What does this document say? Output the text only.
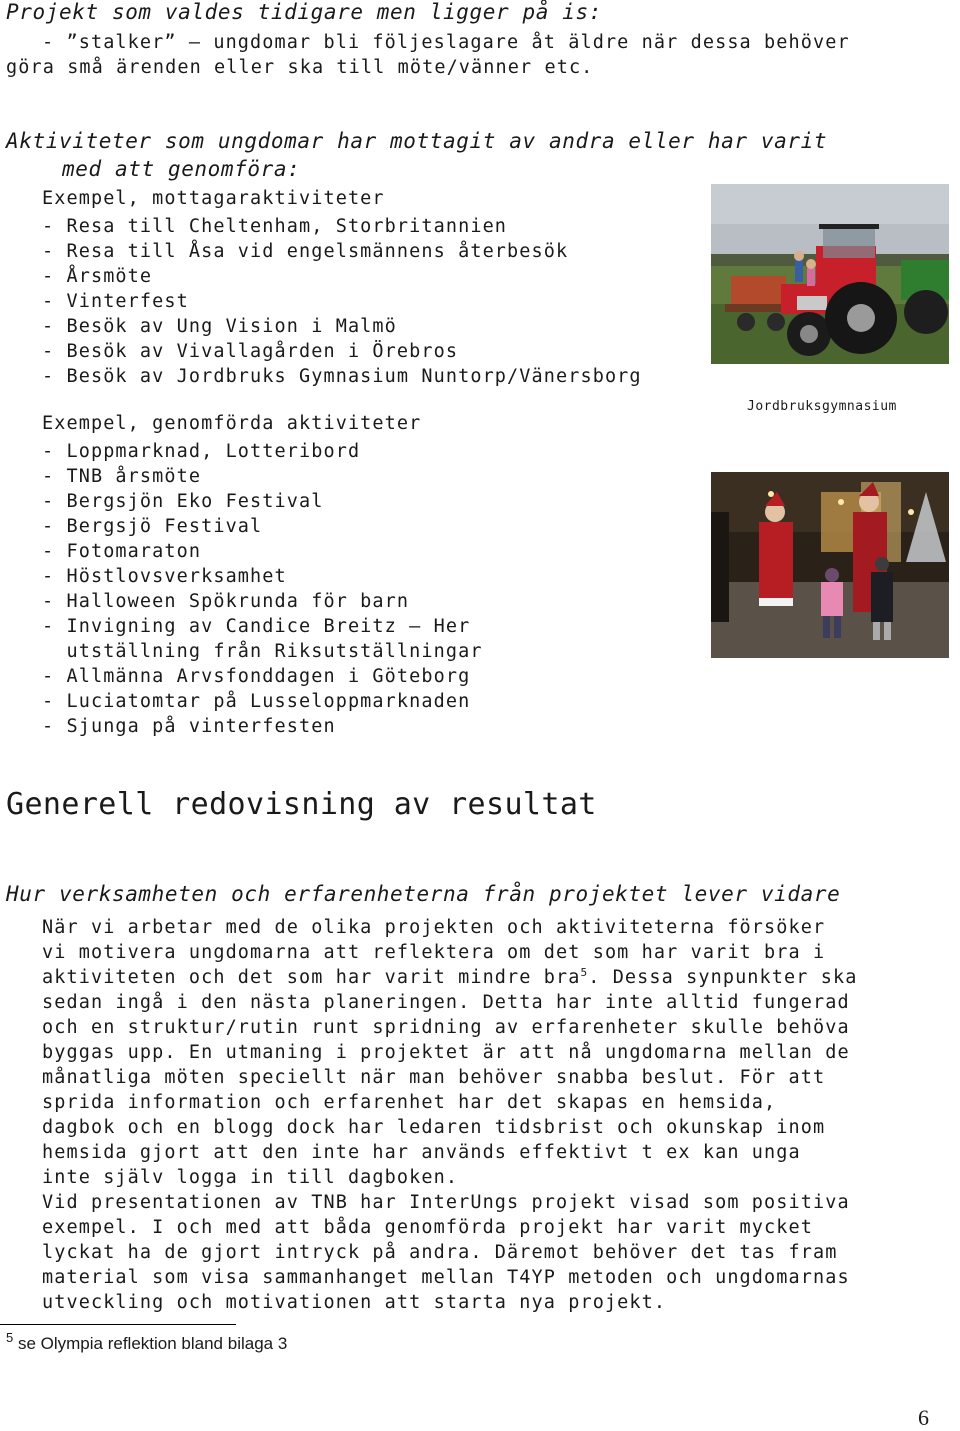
Projekt som valdes tidigare men ligger på is:
- ”stalker” – ungdomar bli följeslagare åt äldre när dessa behöver
göra små ärenden eller ska till möte/vänner etc.
Aktiviteter som ungdomar har mottagit av andra eller har varit
med att genomföra:
Exempel, mottagaraktiviteter
- Resa till Cheltenham, Storbritannien
- Resa till Åsa vid engelsmännens återbesök
- Årsmöte
- Vinterfest
- Besök av Ung Vision i Malmö
- Besök av Vivallagården i Örebros
- Besök av Jordbruks Gymnasium Nuntorp/Vänersborg
Exempel, genomförda aktiviteter
- Loppmarknad, Lotteribord
- TNB årsmöte
- Bergsjön Eko Festival
- Bergsjö Festival
- Fotomaraton
- Höstlovsverksamhet
- Halloween Spökrunda för barn
- Invigning av Candice Breitz – Her
utställning från Riksutställningar
- Allmänna Arvsfonddagen i Göteborg
- Luciatomtar på Lusseloppmarknaden
- Sjunga på vinterfesten
Jordbruksgymnasium
Generell redovisning av resultat
Hur verksamheten och erfarenheterna från projektet lever vidare
När vi arbetar med de olika projekten och aktiviteterna försöker
vi motivera ungdomarna att reflektera om det som har varit bra i
aktiviteten och det som har varit mindre bra$^5$. Dessa synpunkter ska
sedan ingå i den nästa planeringen. Detta har inte alltid fungerad
och en struktur/rutin runt spridning av erfarenheter skulle behöva
byggas upp. En utmaning i projektet är att nå ungdomarna mellan de
månatliga möten speciellt när man behöver snabba beslut. För att
sprida information och erfarenhet har det skapas en hemsida,
dagbok och en blogg dock har ledaren tidsbrist och okunskap inom
hemsida gjort att den inte har används effektivt t ex kan unga
inte själv logga in till dagboken.
Vid presentationen av TNB har InterUngs projekt visad som positiva
exempel. I och med att båda genomförda projekt har varit mycket
lyckat ha de gjort intryck på andra. Däremot behöver det tas fram
material som visa sammanhanget mellan T4YP metoden och ungdomarnas
utveckling och motivationen att starta nya projekt.
$^5$ se Olympia reflektion bland bilaga 3
6
